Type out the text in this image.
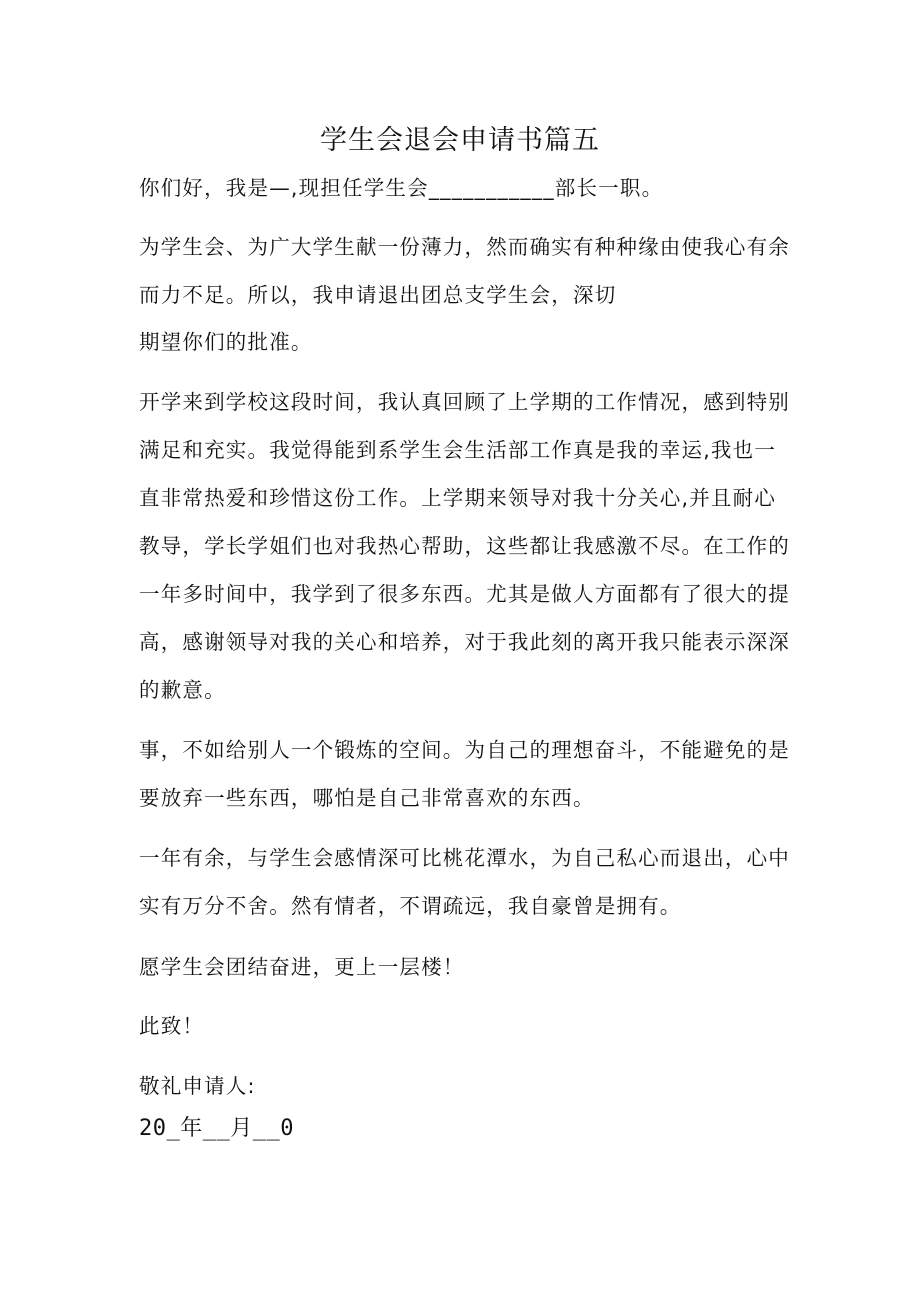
学生会退会申请书篇五

你们好，我是—,现担任学生会___________部长一职。

为学生会、为广大学生献一份薄力，然而确实有种种缘由使我心有余

而力不足。所以，我申请退出团总支学生会，深切

期望你们的批准。

开学来到学校这段时间，我认真回顾了上学期的工作情况，感到特别

满足和充实。我觉得能到系学生会生活部工作真是我的幸运,我也一

直非常热爱和珍惜这份工作。上学期来领导对我十分关心,并且耐心

教导，学长学姐们也对我热心帮助，这些都让我感激不尽。在工作的

一年多时间中，我学到了很多东西。尤其是做人方面都有了很大的提

高，感谢领导对我的关心和培养，对于我此刻的离开我只能表示深深

的歉意。

事，不如给别人一个锻炼的空间。为自己的理想奋斗，不能避免的是

要放弃一些东西，哪怕是自己非常喜欢的东西。

一年有余，与学生会感情深可比桃花潭水，为自己私心而退出，心中

实有万分不舍。然有情者，不谓疏远，我自豪曾是拥有。

愿学生会团结奋进，更上一层楼！

此致！

敬礼申请人:

20_年__月__0
